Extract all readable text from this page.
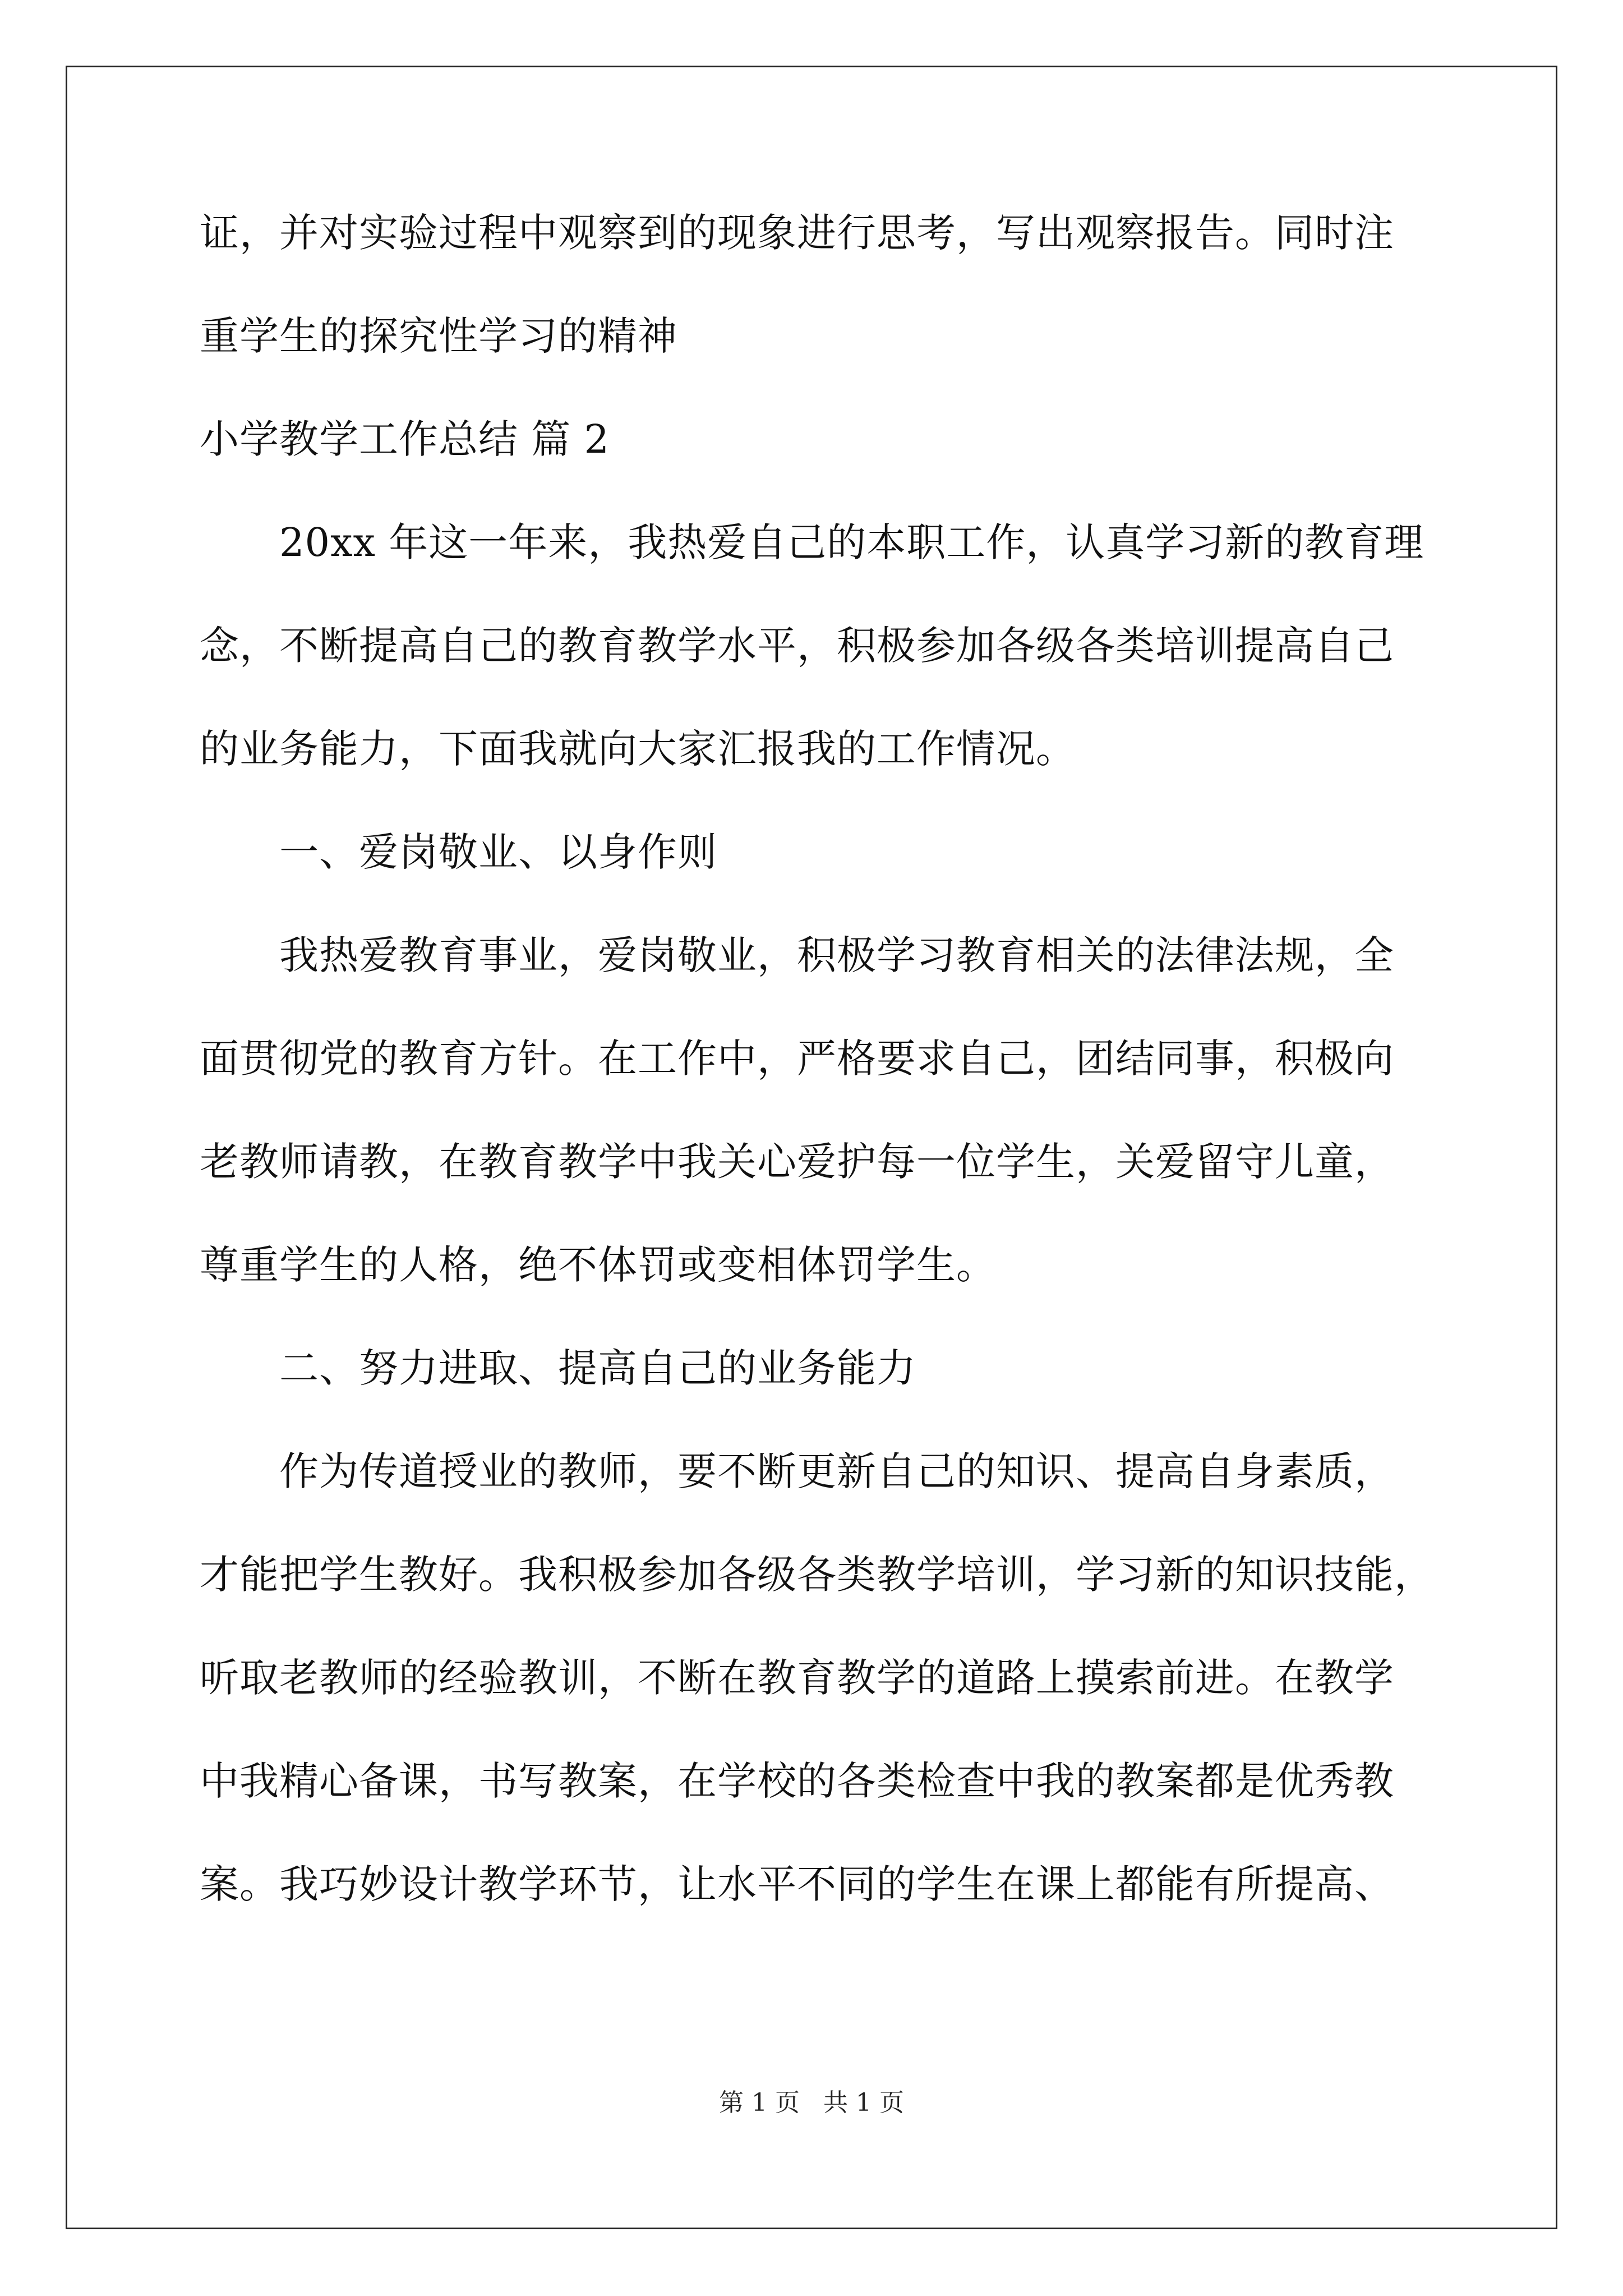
证，并对实验过程中观察到的现象进行思考，写出观察报告。同时注
重学生的探究性学习的精神
小学教学工作总结 篇 2
20xx 年这一年来，我热爱自己的本职工作，认真学习新的教育理
念，不断提高自己的教育教学水平，积极参加各级各类培训提高自己
的业务能力，下面我就向大家汇报我的工作情况。
一、爱岗敬业、以身作则
我热爱教育事业，爱岗敬业，积极学习教育相关的法律法规，全
面贯彻党的教育方针。在工作中，严格要求自己，团结同事，积极向
老教师请教，在教育教学中我关心爱护每一位学生，关爱留守儿童，
尊重学生的人格，绝不体罚或变相体罚学生。
二、努力进取、提高自己的业务能力
作为传道授业的教师，要不断更新自己的知识、提高自身素质，
才能把学生教好。我积极参加各级各类教学培训，学习新的知识技能，
听取老教师的经验教训，不断在教育教学的道路上摸索前进。在教学
中我精心备课，书写教案，在学校的各类检查中我的教案都是优秀教
案。我巧妙设计教学环节，让水平不同的学生在课上都能有所提高、
第 1 页 共 1 页
